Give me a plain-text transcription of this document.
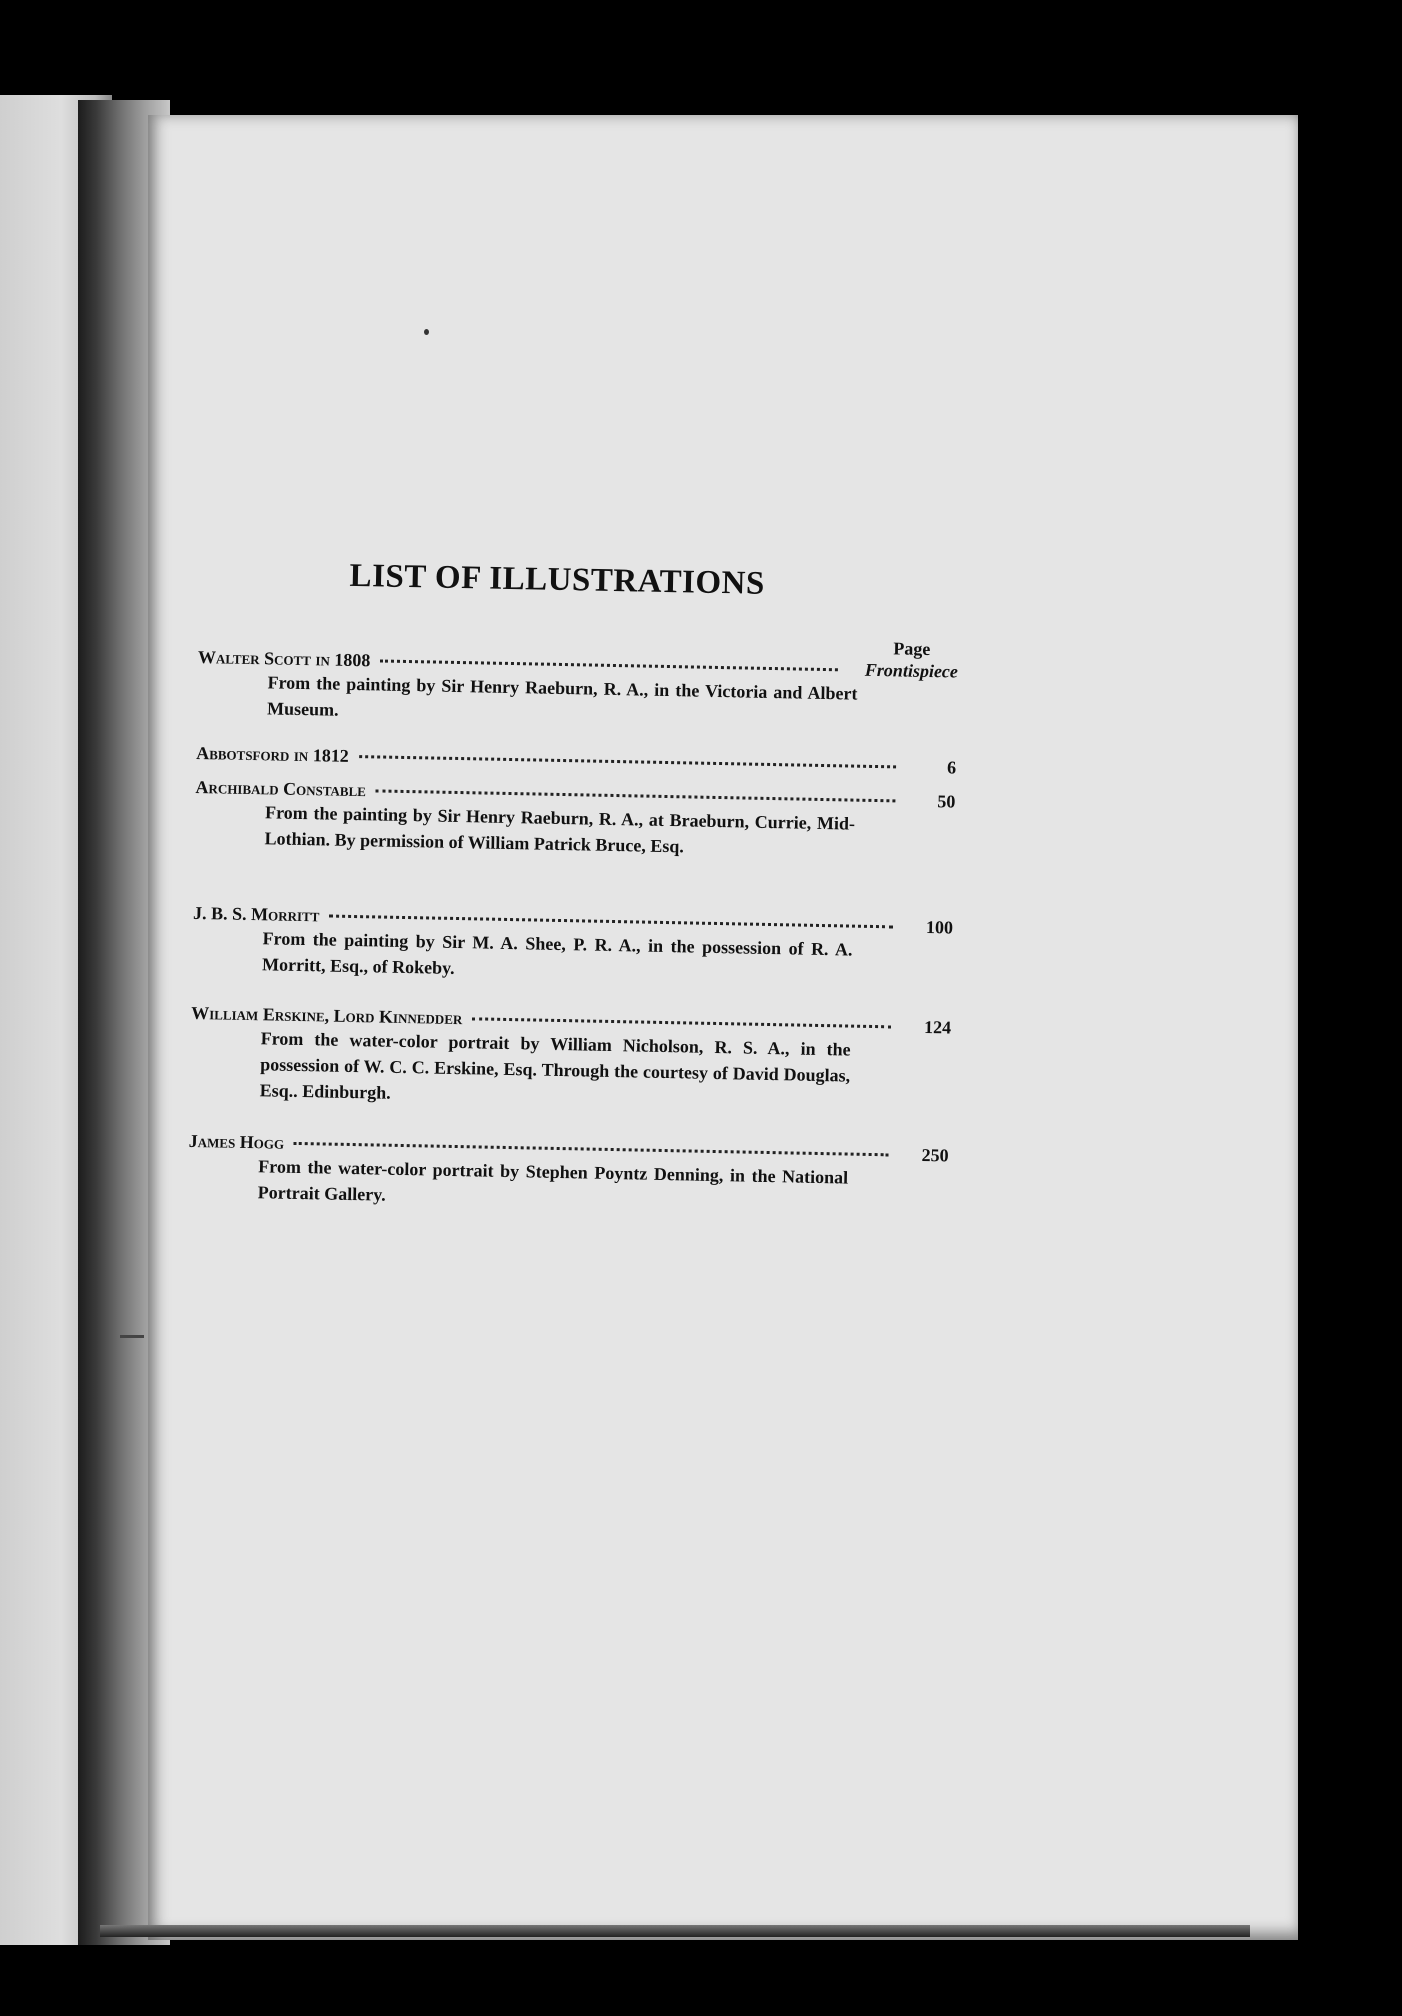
LIST OF ILLUSTRATIONS
Page
Walter Scott in 1808
Frontispiece
From the painting by Sir Henry Raeburn, R. A., in the Victoria and Albert Museum.
Abbotsford in 1812
6
Archibald Constable
50
From the painting by Sir Henry Raeburn, R. A., at Braeburn, Currie, Mid-Lothian. By permission of William Patrick Bruce, Esq.
J. B. S. Morritt
100
From the painting by Sir M. A. Shee, P. R. A., in the possession of R. A. Morritt, Esq., of Rokeby.
William Erskine, Lord Kinnedder	124
From the water-color portrait by William Nicholson, R. S. A., in the possession of W. C. C. Erskine, Esq. Through the courtesy of David Douglas, Esq.. Edinburgh.
James Hogg
250
From the water-color portrait by Stephen Poyntz Denning, in the National Portrait Gallery.
